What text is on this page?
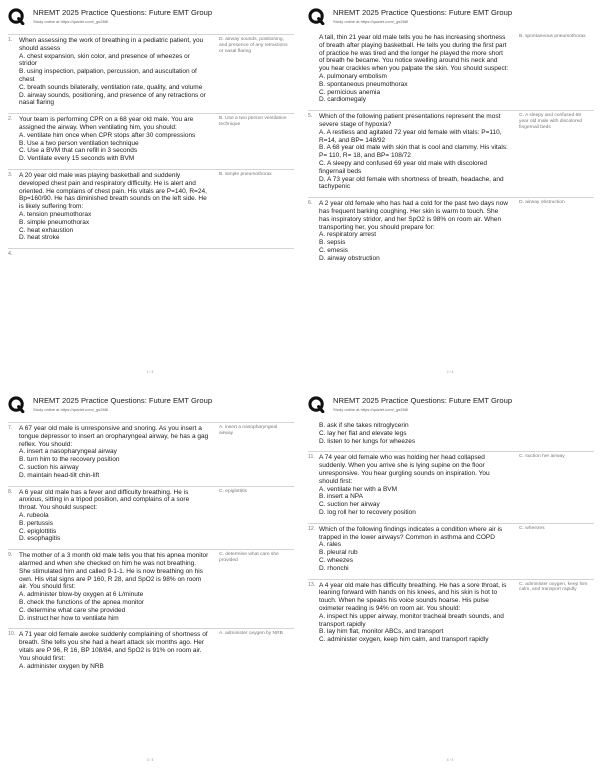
NREMT 2025 Practice Questions: Future EMT Group
Study online at https://quizlet.com/_gs268l
1. When assessing the work of breathing in a pediatric patient, you should assess
A. chest expansion, skin color, and presence of wheezes or stridor
B. using inspection, palpation, percussion, and auscultation of chest
C. breath sounds bilaterally, ventilation rate, quality, and volume
D. airway sounds, positioning, and presence of any retractions or nasal flaring
D. airway sounds, positioning, and presence of any retractions or nasal flaring
2. Your team is performing CPR on a 68 year old male. You are assigned the airway. When ventilating him, you should:
A. ventilate him once when CPR stops after 30 compressions
B. Use a two person ventilation technique
C. Use a BVM that can refill in 3 seconds
D. Ventilate every 15 seconds with BVM
B. Use a two person ventilation technique
3. A 20 year old male was playing basketball and suddenly developed chest pain and respiratory difficulty. He is alert and oriented. He complains of chest pain. His vitals are P=140, R=24, Bp=160/90. He has diminished breath sounds on the left side. He is likely suffering from:
A. tension pneumothorax
B. simple pneumothorax
C. heat exhaustion
D. heat stroke
B. simple pneumothorax
4.

1 / 4
NREMT 2025 Practice Questions: Future EMT Group
Study online at https://quizlet.com/_gs268l
A tall, thin 21 year old male tells you he has increasing shortness of breath after playing basketball. He tells you during the first part of practice he was tired and the longer he played the more short of breath he became. You notice swelling around his neck and you hear crackles when you palpate the skin. You should suspect:
A. pulmonary embolism
B. spontaneous pneumothorax
C. pernicious anemia
D. cardiomegaly
B. spontaneous pneumothorax
5. Which of the following patient presentations represent the most severe stage of hypoxia?
A. A restless and agitated 72 year old female with vitals: P=110, R=14, and BP= 148/92
B. A 68 year old male with skin that is cool and clammy. His vitals: P= 110, R= 18, and BP= 108/72
C. A sleepy and confused 69 year old male with discolored fingernail beds
D. A 73 year old female with shortness of breath, headache, and tachypenic
C. A sleepy and confused 69 year old male with discolored fingernail beds
6. A 2 year old female who has had a cold for the past two days now has frequent barking coughing. Her skin is warm to touch. She has inspiratory stridor, and her SpO2 is 98% on room air. When transporting her, you should prepare for:
A. respiratory arrest
B. sepsis
C. emesis
D. airway obstruction
D. airway obstruction
2 / 4
NREMT 2025 Practice Questions: Future EMT Group
Study online at https://quizlet.com/_gs268l
7. A 67 year old male is unresponsive and snoring. As you insert a tongue depressor to insert an oropharyngeal airway, he has a gag reflex. You should:
A. insert a nasopharyngeal airway
B. turn him to the recovery position
C. suction his airway
D. maintain head-tilt chin-lift
A. insert a nasopharyngeal airway
8. A 6 year old male has a fever and difficulty breathing. He is anxious, sitting in a tripod position, and complains of a sore throat. You should suspect:
A. rubeola
B. pertussis
C. epiglottitis
D. esophagitis
C. epiglottitis
9. The mother of a 3 month old male tells you that his apnea monitor alarmed and when she checked on him he was not breathing. She stimulated him and called 9-1-1. He is now breathing on his own. His vital signs are P 160, R 28, and SpO2 is 98% on room air. You should first:
A. administer blow-by oxygen at 6 L/minute
B. check the functions of the apnea monitor
C. determine what care she provided
D. instruct her how to ventilate him
C. determine what care she provided
10. A 71 year old female awoke suddenly complaining of shortness of breath. She tells you she had a heart attack six months ago. Her vitals are P 96, R 16, BP 108/84, and SpO2 is 91% on room air. You should first:
A. administer oxygen by NRB
A. administer oxygen by NRB
3 / 4
NREMT 2025 Practice Questions: Future EMT Group
Study online at https://quizlet.com/_gs268l
B. ask if she takes nitroglycerin
C. lay her flat and elevate legs
D. listen to her lungs for wheezes
11. A 74 year old female who was holding her head collapsed suddenly. When you arrive she is lying supine on the floor unresponsive. You hear gurgling sounds on inspiration. You should first:
A. ventilate her with a BVM
B. insert a NPA
C. suction her airway
D. log roll her to recovery position
C. suction her airway
12. Which of the following findings indicates a condition where air is trapped in the lower airways? Common in asthma and COPD
A. rales
B. pleural rub
C. wheezes
D. rhonchi
C. wheezes
13. A 4 year old male has difficulty breathing. He has a sore throat, is leaning forward with hands on his knees, and his skin is hot to touch. When he speaks his voice sounds hoarse. His pulse oximeter reading is 94% on room air. You should:
A. inspect his upper airway, monitor tracheal breath sounds, and transport rapidly
B. lay him flat, monitor ABCs, and transport
C. administer oxygen, keep him calm, and transport rapidly
C. administer oxygen, keep him calm, and transport rapidly
4 / 4
